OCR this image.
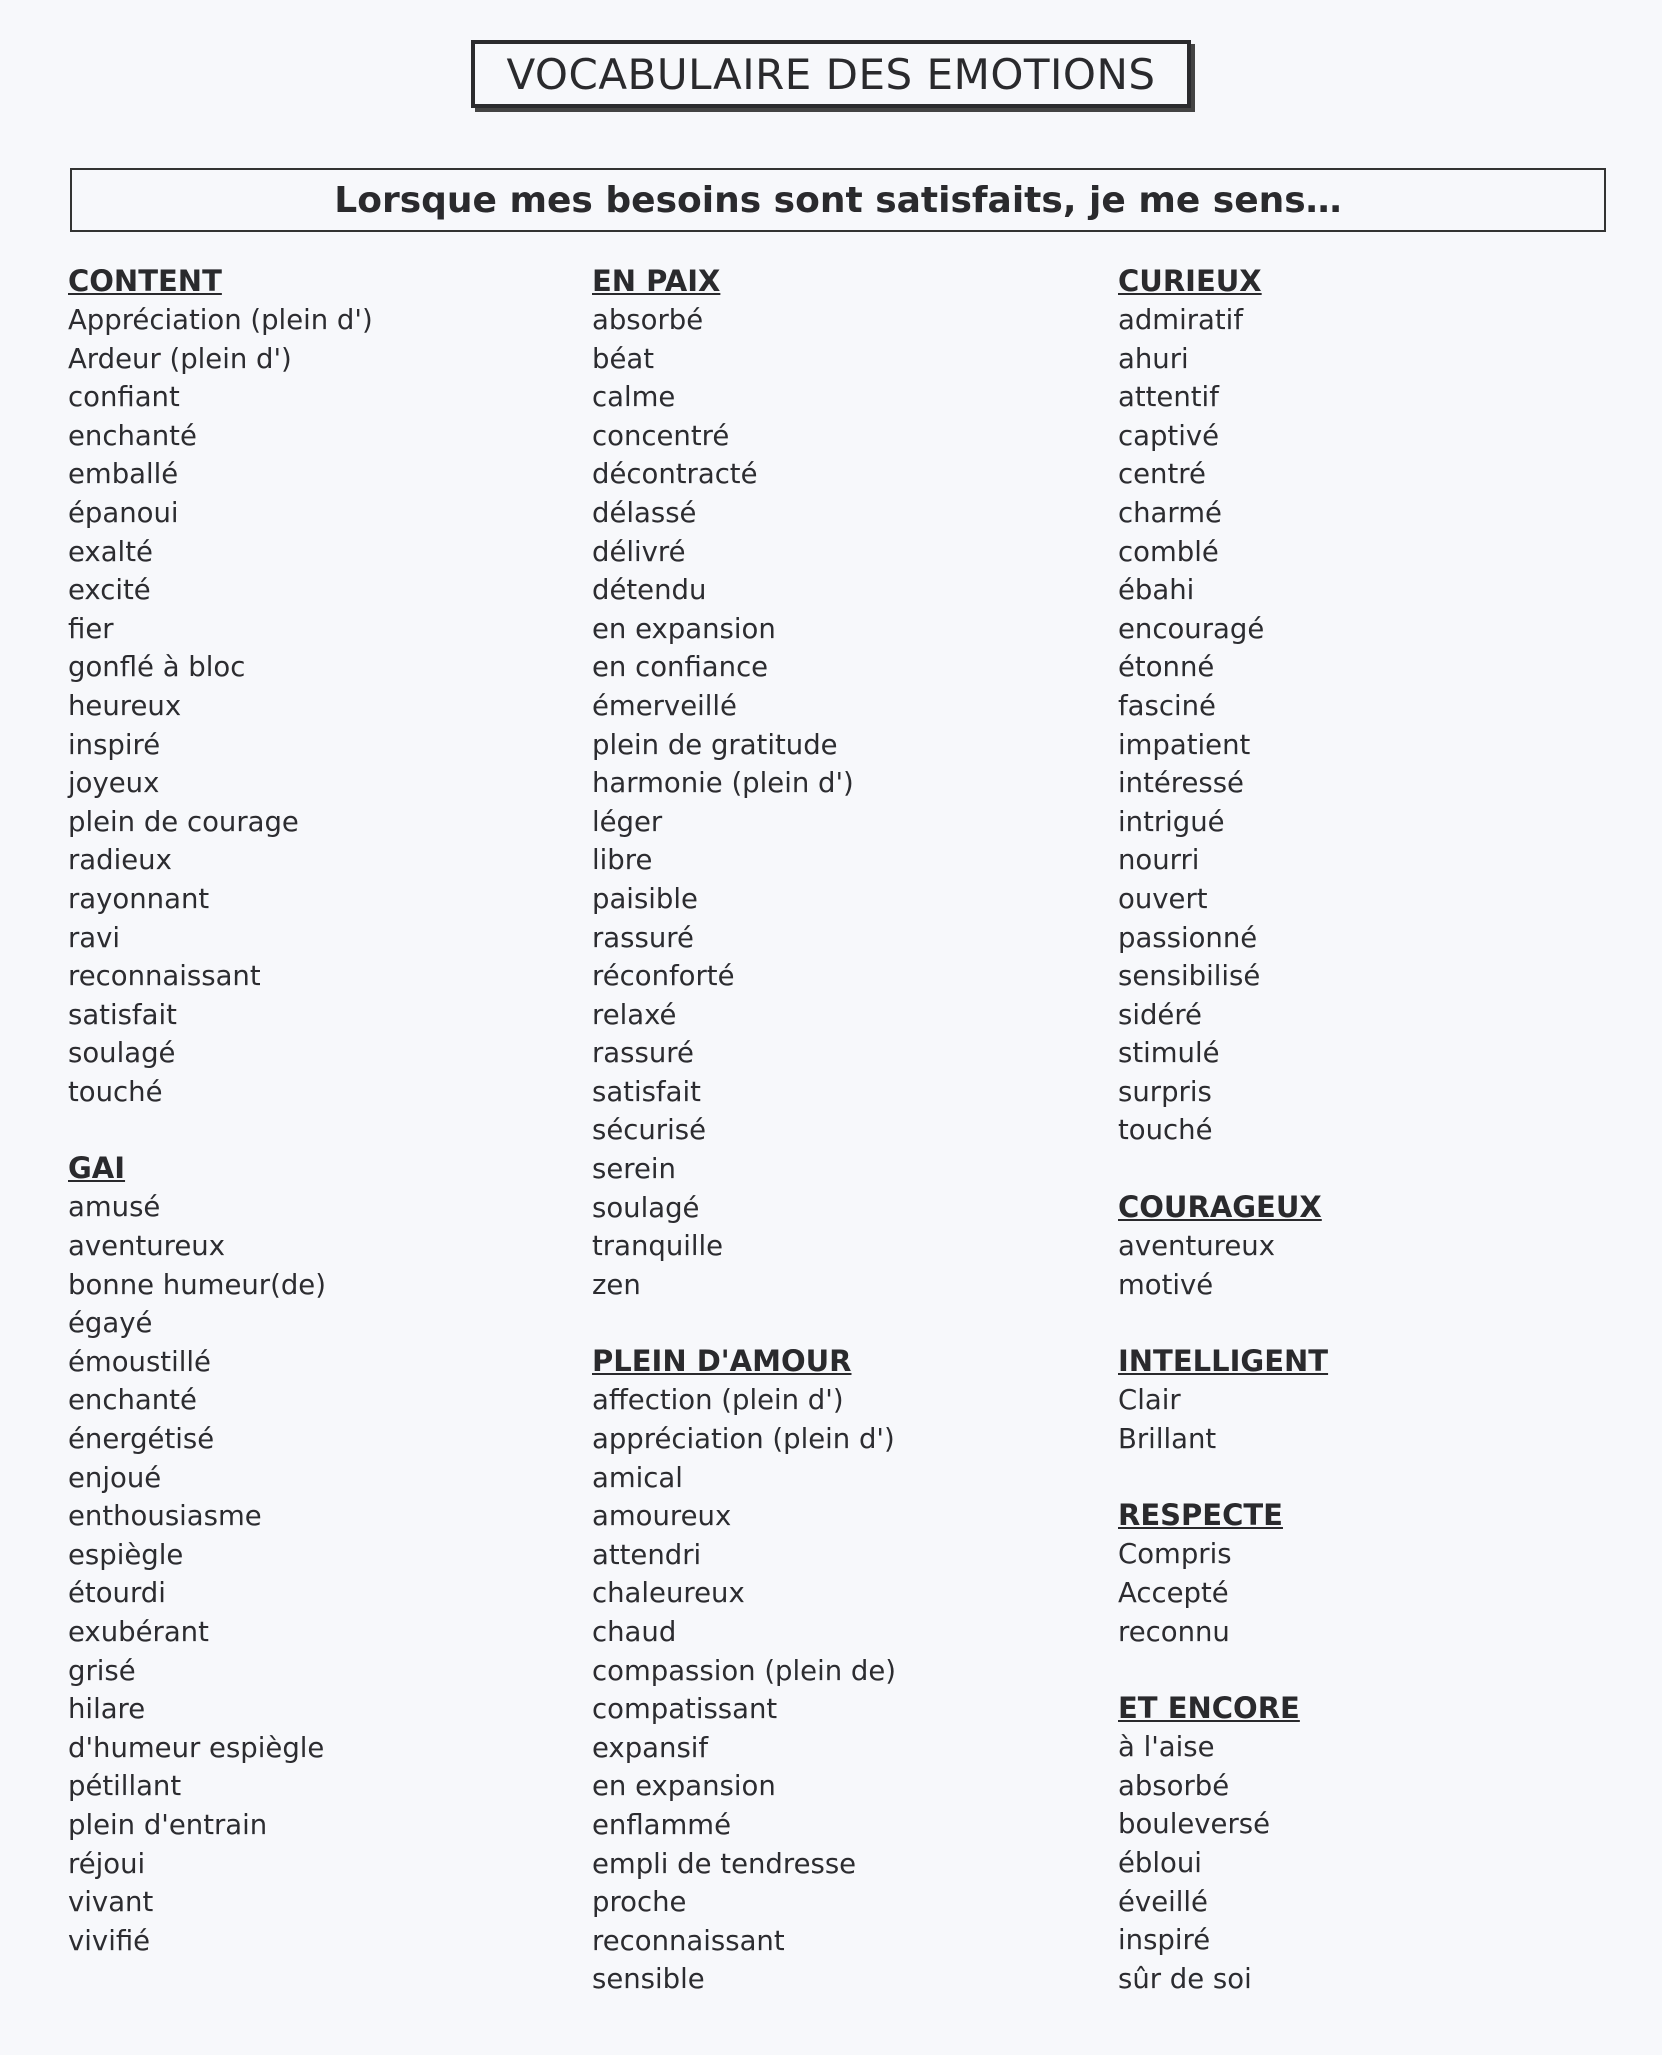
VOCABULAIRE DES EMOTIONS
Lorsque mes besoins sont satisfaits, je me sens…
CONTENT
Appréciation (plein d')
Ardeur (plein d')
confiant
enchanté
emballé
épanoui
exalté
excité
fier
gonflé à bloc
heureux
inspiré
joyeux
plein de courage
radieux
rayonnant
ravi
reconnaissant
satisfait
soulagé
touché
GAI
amusé
aventureux
bonne humeur(de)
égayé
émoustillé
enchanté
énergétisé
enjoué
enthousiasme
espiègle
étourdi
exubérant
grisé
hilare
d'humeur espiègle
pétillant
plein d'entrain
réjoui
vivant
vivifié
EN PAIX
absorbé
béat
calme
concentré
décontracté
délassé
délivré
détendu
en expansion
en confiance
émerveillé
plein de gratitude
harmonie (plein d')
léger
libre
paisible
rassuré
réconforté
relaxé
rassuré
satisfait
sécurisé
serein
soulagé
tranquille
zen
PLEIN D'AMOUR
affection (plein d')
appréciation (plein d')
amical
amoureux
attendri
chaleureux
chaud
compassion (plein de)
compatissant
expansif
en expansion
enflammé
empli de tendresse
proche
reconnaissant
sensible
CURIEUX
admiratif
ahuri
attentif
captivé
centré
charmé
comblé
ébahi
encouragé
étonné
fasciné
impatient
intéressé
intrigué
nourri
ouvert
passionné
sensibilisé
sidéré
stimulé
surpris
touché
COURAGEUX
aventureux
motivé
INTELLIGENT
Clair
Brillant
RESPECTE
Compris
Accepté
reconnu
ET ENCORE
à l'aise
absorbé
bouleversé
ébloui
éveillé
inspiré
sûr de soi
